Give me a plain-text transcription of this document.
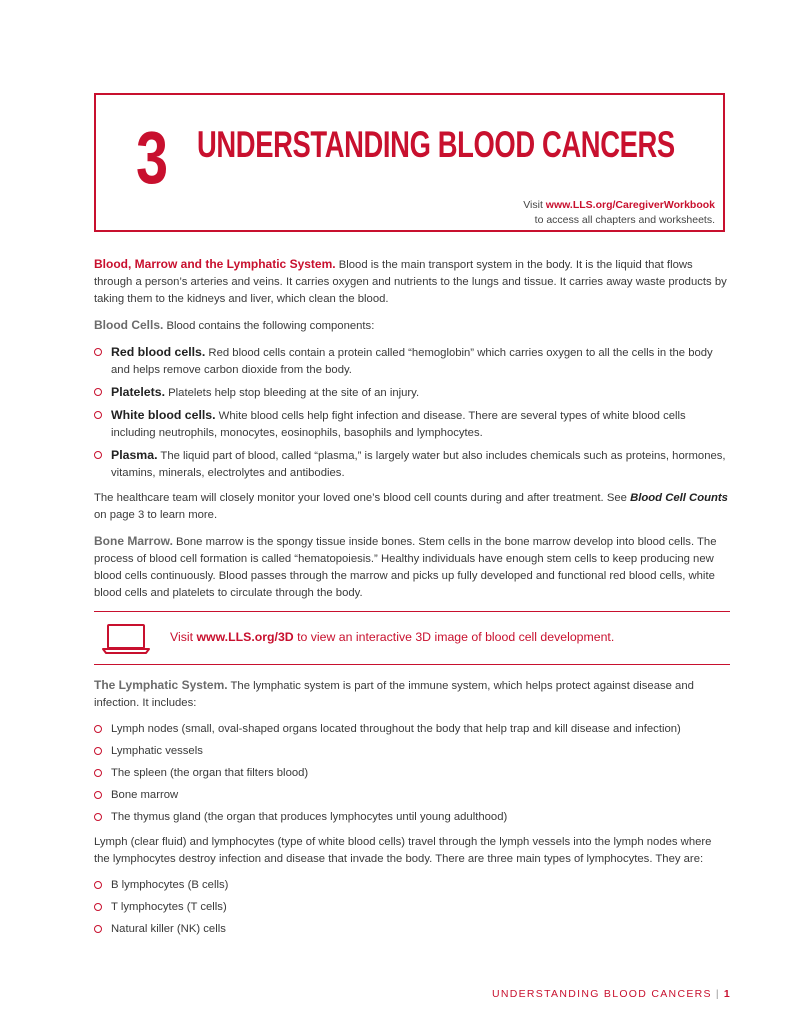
3 UNDERSTANDING BLOOD CANCERS
Visit www.LLS.org/CaregiverWorkbook
to access all chapters and worksheets.

Blood, Marrow and the Lymphatic System. Blood is the main transport system in the body. It is the liquid that flows through a person’s arteries and veins. It carries oxygen and nutrients to the lungs and tissue. It carries away waste products by taking them to the kidneys and liver, which clean the blood.

Blood Cells. Blood contains the following components:

Red blood cells. Red blood cells contain a protein called “hemoglobin” which carries oxygen to all the cells in the body and helps remove carbon dioxide from the body.
Platelets. Platelets help stop bleeding at the site of an injury.
White blood cells. White blood cells help fight infection and disease. There are several types of white blood cells including neutrophils, monocytes, eosinophils, basophils and lymphocytes.
Plasma. The liquid part of blood, called “plasma,” is largely water but also includes chemicals such as proteins, hormones, vitamins, minerals, electrolytes and antibodies.

The healthcare team will closely monitor your loved one’s blood cell counts during and after treatment. See Blood Cell Counts on page 3 to learn more.

Bone Marrow. Bone marrow is the spongy tissue inside bones. Stem cells in the bone marrow develop into blood cells. The process of blood cell formation is called “hematopoiesis.” Healthy individuals have enough stem cells to keep producing new blood cells continuously. Blood passes through the marrow and picks up fully developed and functional red blood cells, white blood cells and platelets to circulate through the body.

Visit www.LLS.org/3D to view an interactive 3D image of blood cell development.

The Lymphatic System. The lymphatic system is part of the immune system, which helps protect against disease and infection. It includes:

Lymph nodes (small, oval-shaped organs located throughout the body that help trap and kill disease and infection)
Lymphatic vessels
The spleen (the organ that filters blood)
Bone marrow
The thymus gland (the organ that produces lymphocytes until young adulthood)

Lymph (clear fluid) and lymphocytes (type of white blood cells) travel through the lymph vessels into the lymph nodes where the lymphocytes destroy infection and disease that invade the body. There are three main types of lymphocytes. They are:

B lymphocytes (B cells)
T lymphocytes (T cells)
Natural killer (NK) cells
UNDERSTANDING BLOOD CANCERS | 1
